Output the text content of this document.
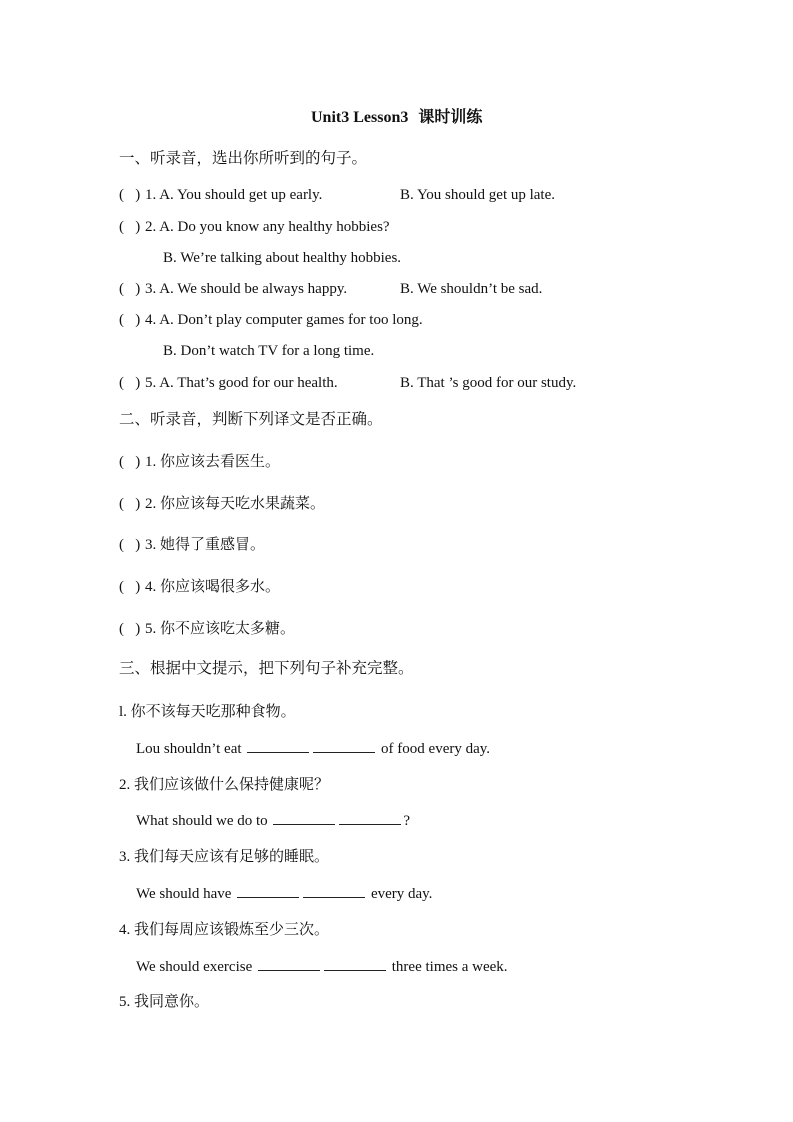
Unit3 Lesson3 课时训练
一、听录音，选出你所听到的句子。
(   ) 1. A. You should get up early.	B. You should get up late.
(   ) 2. A. Do you know any healthy hobbies?
B. We’re talking about healthy hobbies.
(   ) 3. A. We should be always happy.	B. We shouldn’t be sad.
(   ) 4. A. Don’t play computer games for too long.
B. Don’t watch TV for a long time.
(   ) 5. A. That’s good for our health.	B. That ’s good for our study.
二、听录音，判断下列译文是否正确。
(   ) 1. 你应该去看医生。
(   ) 2. 你应该每天吃水果蔬菜。
(   ) 3. 她得了重感冒。
(   ) 4. 你应该喝很多水。
(   ) 5. 你不应该吃太多糖。
三、根据中文提示，把下列句子补充完整。
l. 你不该每天吃那种食物。
Lou shouldn’t eat	of food every day.
2. 我们应该做什么保持健康呢？
What should we do to	?
3. 我们每天应该有足够的睡眠。
We should have	every day.
4. 我们每周应该锻炼至少三次。
We should exercise	three times a week.
5. 我同意你。
